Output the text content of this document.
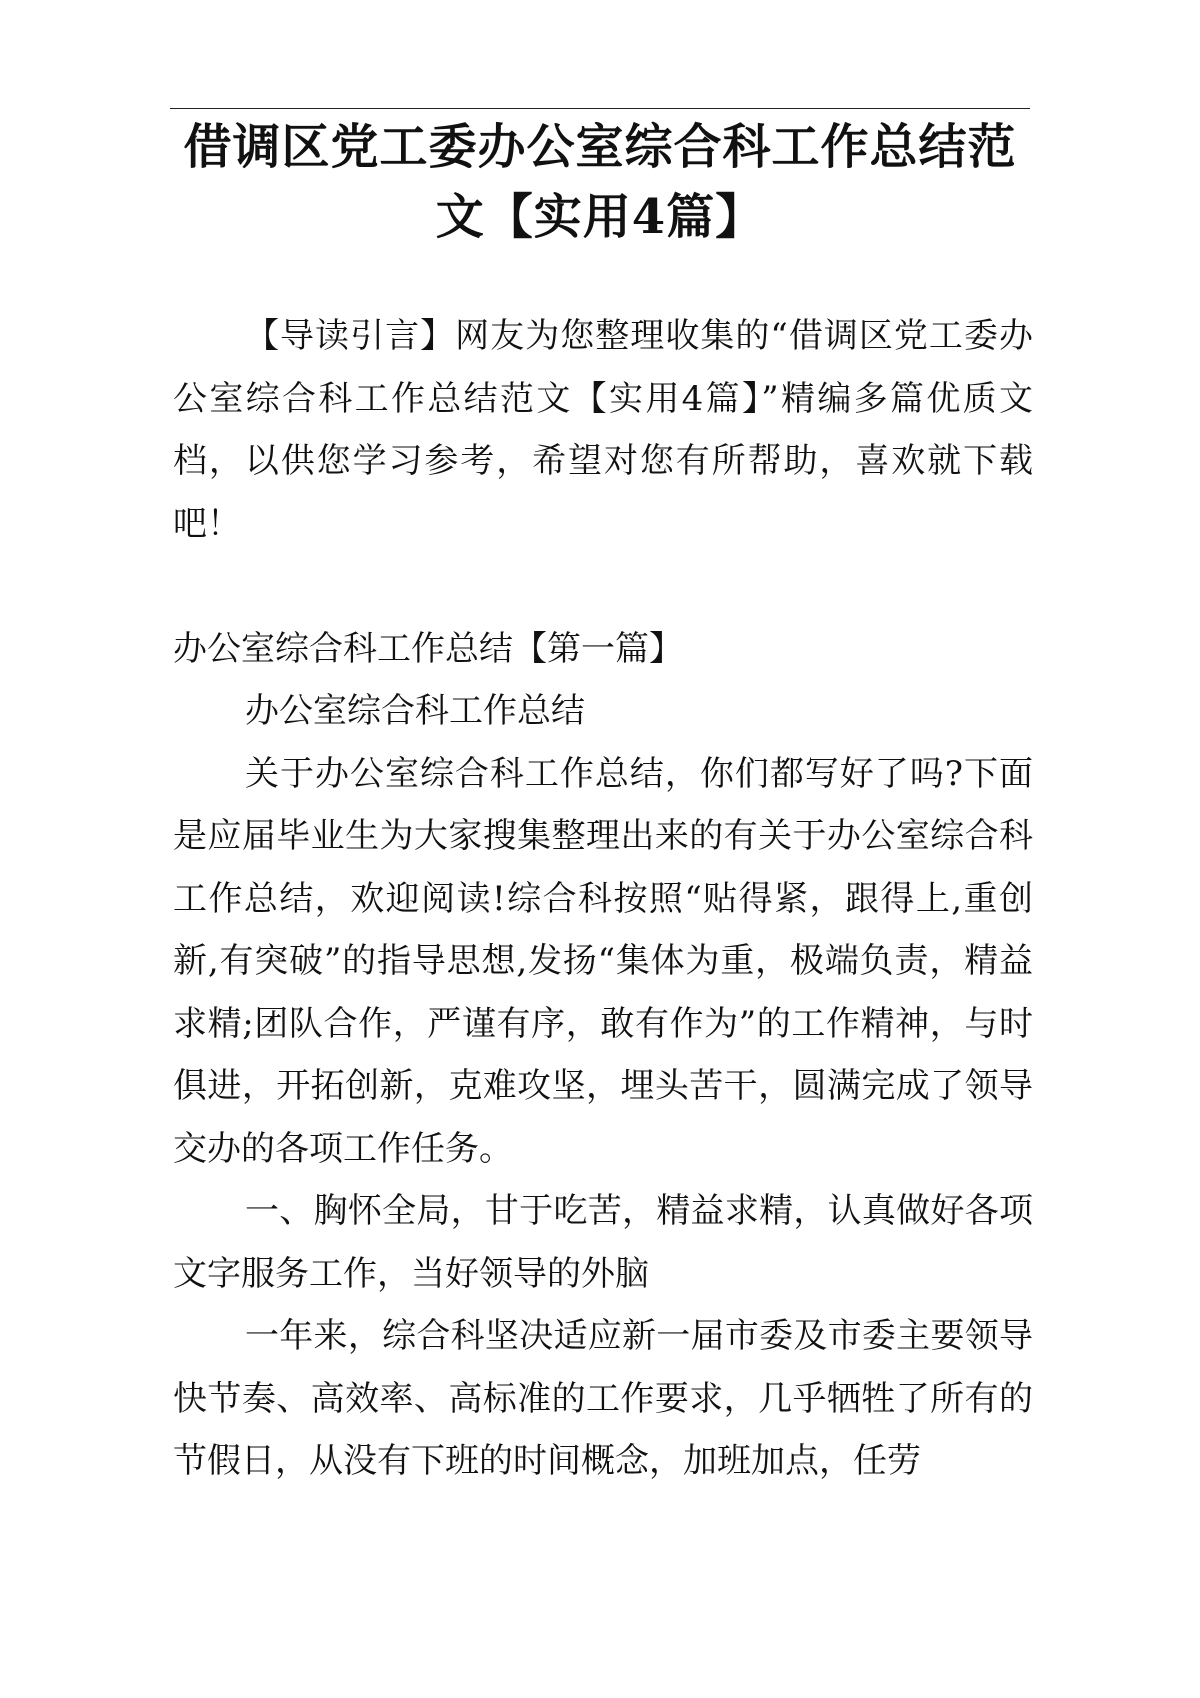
借调区党工委办公室综合科工作总结范文【实用4篇】

【导读引言】网友为您整理收集的“借调区党工委办公室综合科工作总结范文【实用4篇】”精编多篇优质文档，以供您学习参考，希望对您有所帮助，喜欢就下载吧！

办公室综合科工作总结【第一篇】

办公室综合科工作总结

关于办公室综合科工作总结，你们都写好了吗?下面是应届毕业生为大家搜集整理出来的有关于办公室综合科工作总结，欢迎阅读!综合科按照“贴得紧，跟得上,重创新,有突破”的指导思想,发扬“集体为重，极端负责，精益求精;团队合作，严谨有序，敢有作为”的工作精神，与时俱进，开拓创新，克难攻坚，埋头苦干，圆满完成了领导交办的各项工作任务。

一、胸怀全局，甘于吃苦，精益求精，认真做好各项文字服务工作，当好领导的外脑

一年来，综合科坚决适应新一届市委及市委主要领导快节奏、高效率、高标准的工作要求，几乎牺牲了所有的节假日，从没有下班的时间概念，加班加点，任劳
